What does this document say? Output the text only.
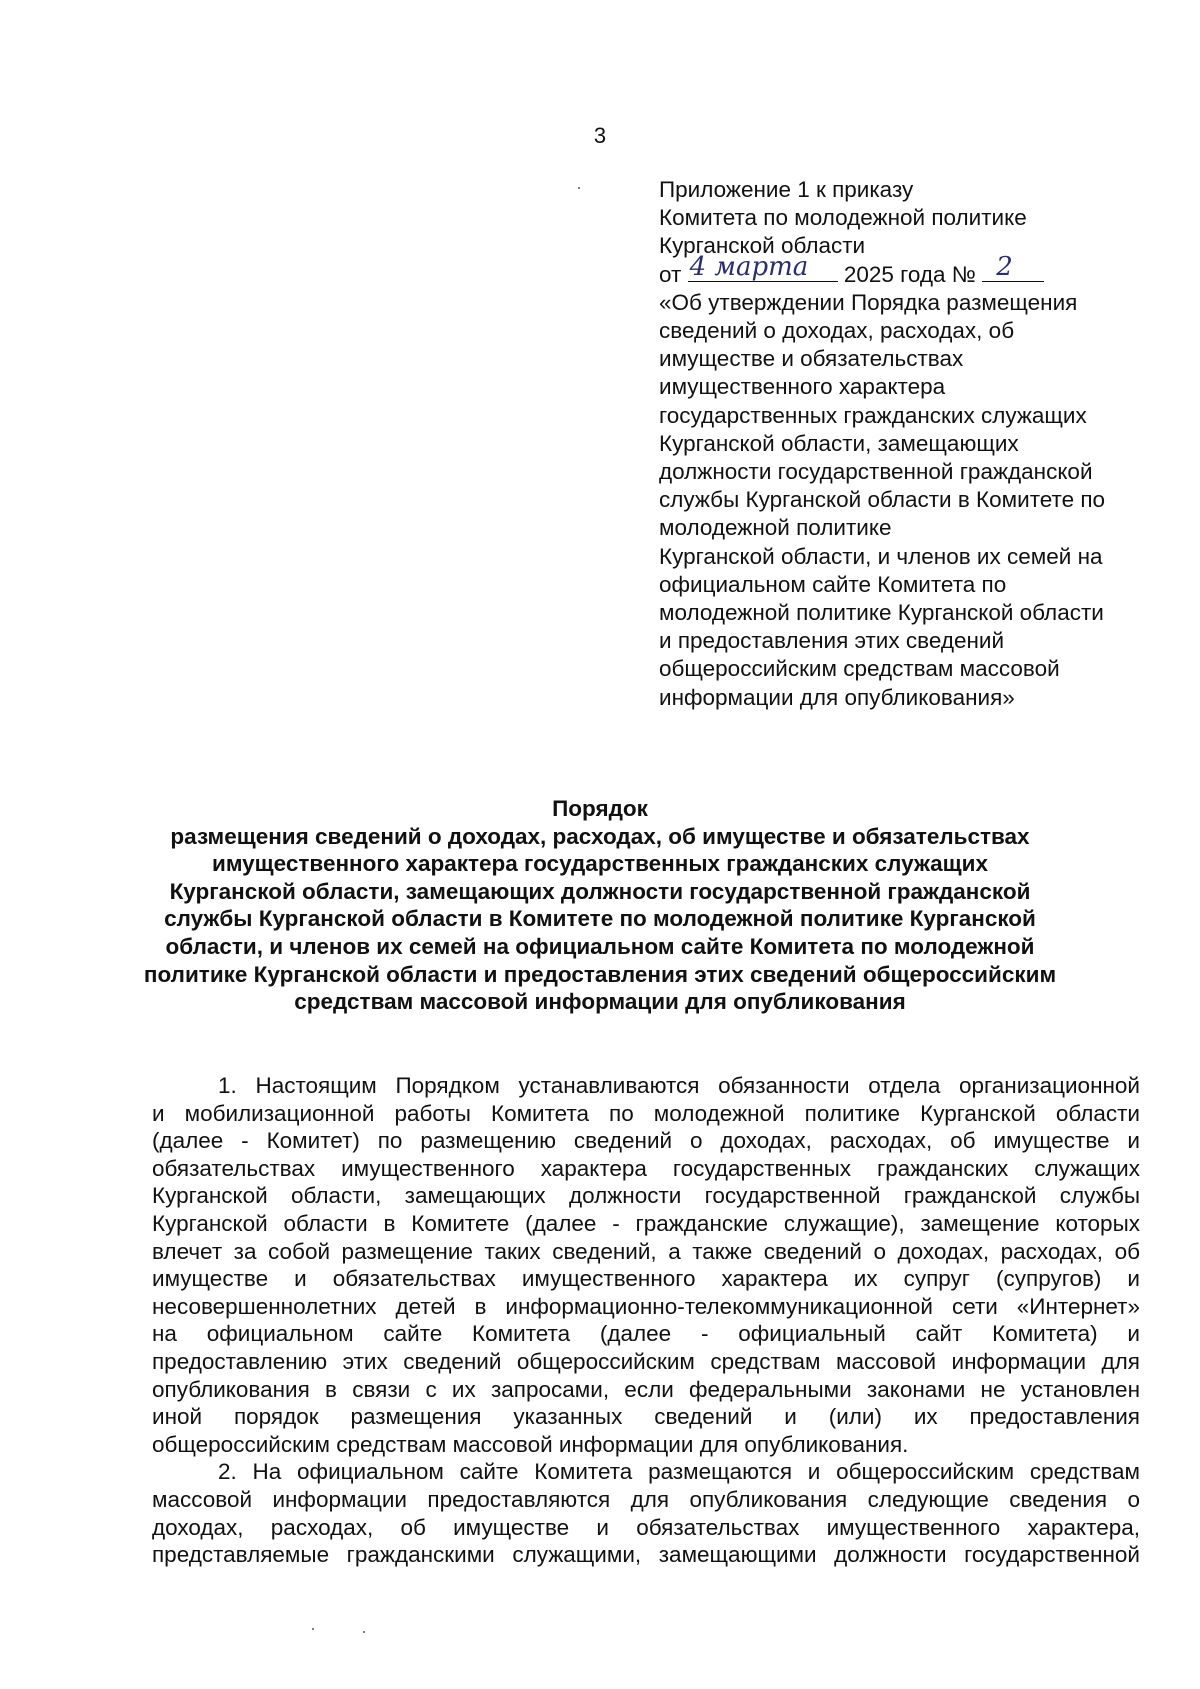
3
Приложение 1 к приказу
Комитета по молодежной политике
Курганской области
от 4 марта 2025 года № 2
«Об утверждении Порядка размещения
сведений о доходах, расходах, об
имуществе и обязательствах
имущественного характера
государственных гражданских служащих
Курганской области, замещающих
должности государственной гражданской
службы Курганской области в Комитете по
молодежной политике
Курганской области, и членов их семей на
официальном сайте Комитета по
молодежной политике Курганской области
и предоставления этих сведений
общероссийским средствам массовой
информации для опубликования»
Порядок
размещения сведений о доходах, расходах, об имуществе и обязательствах
имущественного характера государственных гражданских служащих
Курганской области, замещающих должности государственной гражданской
службы Курганской области в Комитете по молодежной политике Курганской
области, и членов их семей на официальном сайте Комитета по молодежной
политике Курганской области и предоставления этих сведений общероссийским
средствам массовой информации для опубликования
1. Настоящим Порядком устанавливаются обязанности отдела организационной
и мобилизационной работы Комитета по молодежной политике Курганской области
(далее - Комитет) по размещению сведений о доходах, расходах, об имуществе и
обязательствах имущественного характера государственных гражданских служащих
Курганской области, замещающих должности государственной гражданской службы
Курганской области в Комитете (далее - гражданские служащие), замещение которых
влечет за собой размещение таких сведений, а также сведений о доходах, расходах, об
имуществе и обязательствах имущественного характера их супруг (супругов) и
несовершеннолетних детей в информационно-телекоммуникационной сети «Интернет»
на официальном сайте Комитета (далее - официальный сайт Комитета) и
предоставлению этих сведений общероссийским средствам массовой информации для
опубликования в связи с их запросами, если федеральными законами не установлен
иной порядок размещения указанных сведений и (или) их предоставления
общероссийским средствам массовой информации для опубликования.
2. На официальном сайте Комитета размещаются и общероссийским средствам
массовой информации предоставляются для опубликования следующие сведения о
доходах, расходах, об имуществе и обязательствах имущественного характера,
представляемые гражданскими служащими, замещающими должности государственной
